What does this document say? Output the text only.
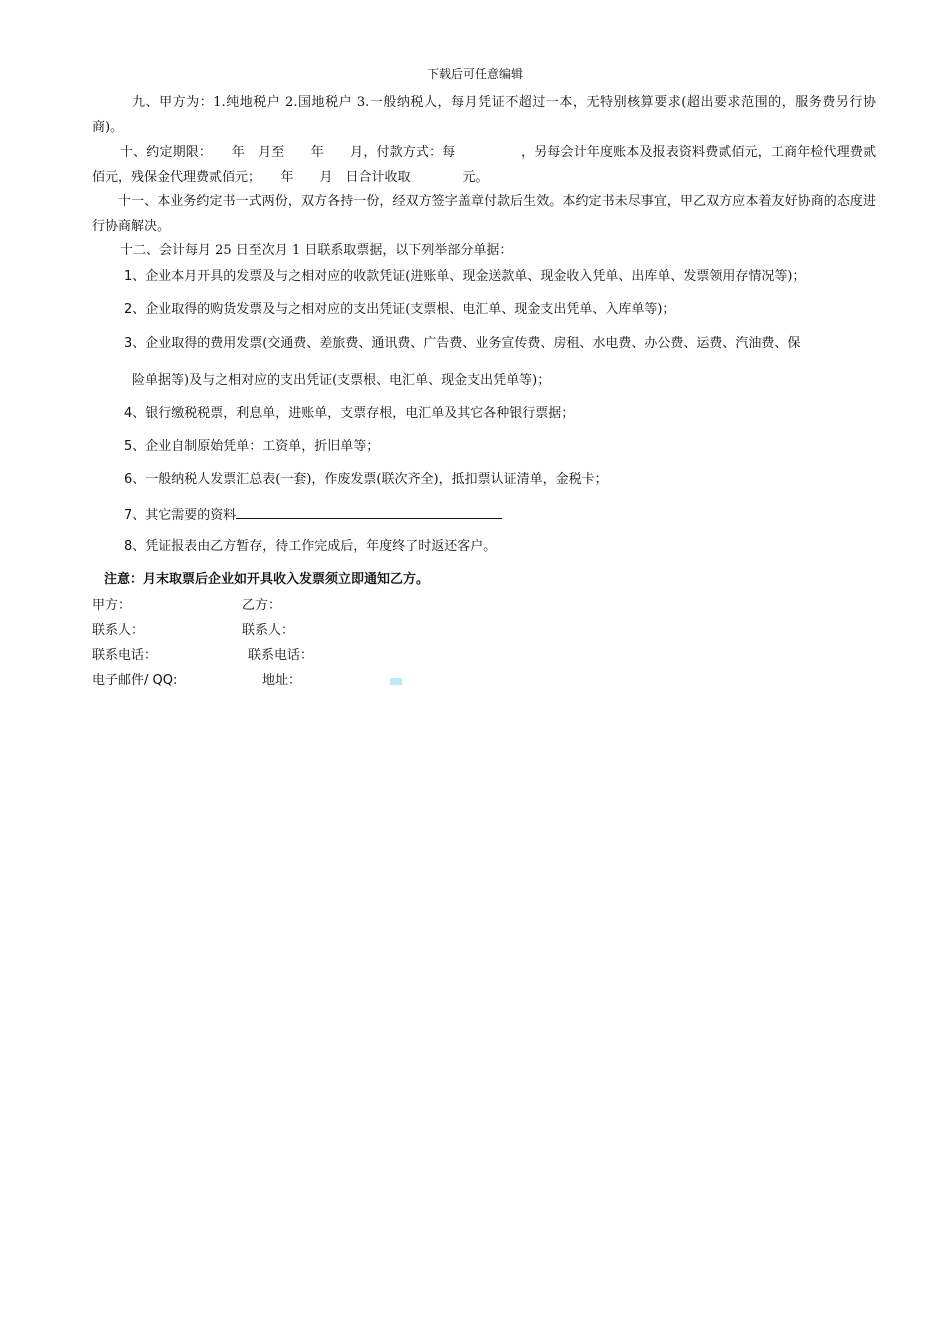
下载后可任意编辑

九、甲方为：1.纯地税户 2.国地税户 3.一般纳税人，每月凭证不超过一本，无特别核算要求(超出要求范围的，服务费另行协商)。

十、约定期限：　　年　月至　　年　　月，付款方式：每　　　　　，另每会计年度账本及报表资料费贰佰元，工商年检代理费贰佰元，残保金代理费贰佰元；　　年　　月　日合计收取　　　　元。

十一、本业务约定书一式两份，双方各持一份，经双方签字盖章付款后生效。本约定书未尽事宜，甲乙双方应本着友好协商的态度进行协商解决。

十二、会计每月 25 日至次月 1 日联系取票据，以下列举部分单据：
1、企业本月开具的发票及与之相对应的收款凭证(进账单、现金送款单、现金收入凭单、出库单、发票领用存情况等)；
2、企业取得的购货发票及与之相对应的支出凭证(支票根、电汇单、现金支出凭单、入库单等)；
3、企业取得的费用发票(交通费、差旅费、通讯费、广告费、业务宣传费、房租、水电费、办公费、运费、汽油费、保
险单据等)及与之相对应的支出凭证(支票根、电汇单、现金支出凭单等)；
4、银行缴税税票，利息单，进账单，支票存根，电汇单及其它各种银行票据；
5、企业自制原始凭单：工资单，折旧单等；
6、一般纳税人发票汇总表(一套)，作废发票(联次齐全)，抵扣票认证清单，金税卡；
7、其它需要的资料
8、凭证报表由乙方暂存，待工作完成后，年度终了时返还客户。
注意：月末取票后企业如开具收入发票须立即通知乙方。
甲方：	乙方：
联系人：	联系人：
联系电话：	联系电话：
电子邮件/ QQ:	地址：
